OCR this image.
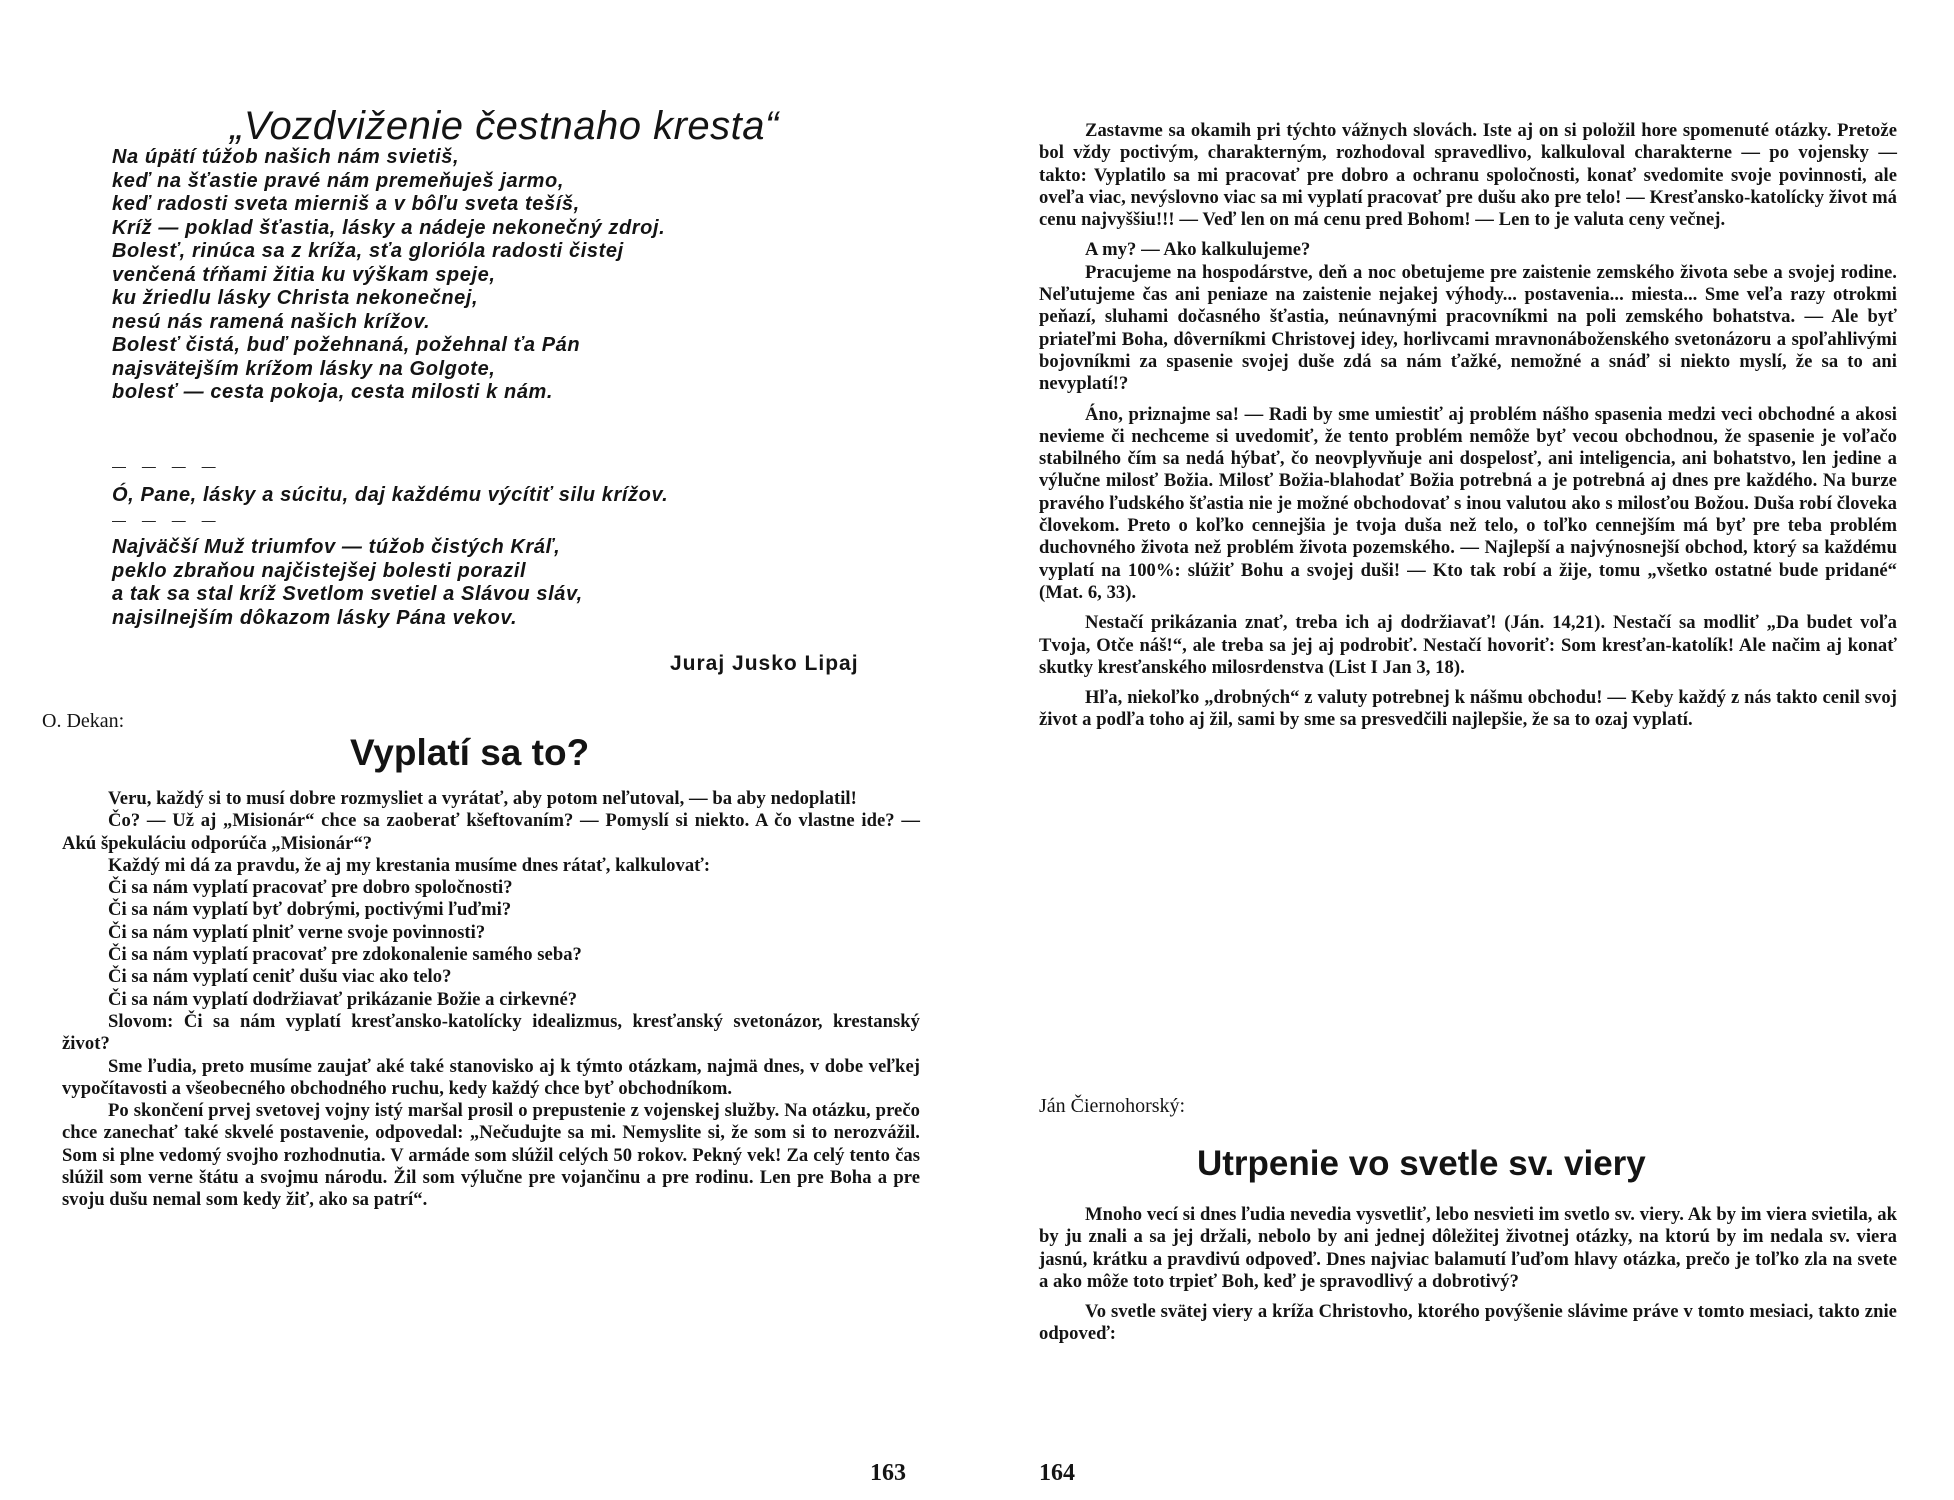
„Vozdviženie čestnaho kresta“
Na úpätí túžob našich nám svietiš,
keď na šťastie pravé nám premeňuješ jarmo,
keď radosti sveta mierniš a v bôľu sveta tešíš,
Kríž — poklad šťastia, lásky a nádeje nekonečný zdroj.
Bolesť, rinúca sa z kríža, sťa glorióla radosti čistej
venčená tŕňami žitia ku výškam speje,
ku žriedlu lásky Christa nekonečnej,
nesú nás ramená našich krížov.
Bolesť čistá, buď požehnaná, požehnal ťa Pán
najsvätejším krížom lásky na Golgote,
bolesť — cesta pokoja, cesta milosti k nám.
— — — —
Ó, Pane, lásky a súcitu, daj každému výcítiť silu krížov.
— — — —
Najväčší Muž triumfov — túžob čistých Kráľ,
peklo zbraňou najčistejšej bolesti porazil
a tak sa stal kríž Svetlom svetiel a Slávou sláv,
najsilnejším dôkazom lásky Pána vekov.
Juraj Jusko Lipaj
O. Dekan:
Vyplatí sa to?

Veru, každý si to musí dobre rozmysliet a vyrátať, aby potom neľutoval, — ba aby nedoplatil!

Čo? — Už aj „Misionár“ chce sa zaoberať kšeftovaním? — Pomyslí si niekto. A čo vlastne ide? — Akú špekuláciu odporúča „Misionár“?

Každý mi dá za pravdu, že aj my krestania musíme dnes rátať, kalkulovať:

Či sa nám vyplatí pracovať pre dobro spoločnosti?

Či sa nám vyplatí byť dobrými, poctivými ľuďmi?

Či sa nám vyplatí plniť verne svoje povinnosti?

Či sa nám vyplatí pracovať pre zdokonalenie samého seba?

Či sa nám vyplatí ceniť dušu viac ako telo?

Či sa nám vyplatí dodržiavať prikázanie Božie a cirkevné?

Slovom: Či sa nám vyplatí kresťansko-katolícky idealizmus, kresťanský svetonázor, krestanský život?

Sme ľudia, preto musíme zaujať aké také stanovisko aj k týmto otázkam, najmä dnes, v dobe veľkej vypočítavosti a všeobecného obchodného ruchu, kedy každý chce byť obchodníkom.

Po skončení prvej svetovej vojny istý maršal prosil o prepustenie z vojenskej služby. Na otázku, prečo chce zanechať také skvelé postavenie, odpovedal: „Nečudujte sa mi. Nemyslite si, že som si to nerozvážil. Som si plne vedomý svojho rozhodnutia. V armáde som slúžil celých 50 rokov. Pekný vek! Za celý tento čas slúžil som verne štátu a svojmu národu. Žil som výlučne pre vojančinu a pre rodinu. Len pre Boha a pre svoju dušu nemal som kedy žiť, ako sa patrí“.

163

Zastavme sa okamih pri týchto vážnych slovách. Iste aj on si položil hore spomenuté otázky. Pretože bol vždy poctivým, charakterným, rozhodoval spravedlivo, kalkuloval charakterne — po vojensky — takto: Vyplatilo sa mi pracovať pre dobro a ochranu spoločnosti, konať svedomite svoje povinnosti, ale oveľa viac, nevýslovno viac sa mi vyplatí pracovať pre dušu ako pre telo! — Kresťansko-katolícky život má cenu najvyššiu!!! — Veď len on má cenu pred Bohom! — Len to je valuta ceny večnej.

A my? — Ako kalkulujeme?

Pracujeme na hospodárstve, deň a noc obetujeme pre zaistenie zemského života sebe a svojej rodine. Neľutujeme čas ani peniaze na zaistenie nejakej výhody... postavenia... miesta... Sme veľa razy otrokmi peňazí, sluhami dočasného šťastia, neúnavnými pracovníkmi na poli zemského bohatstva. — Ale byť priateľmi Boha, dôverníkmi Christovej idey, horlivcami mravnonáboženského svetonázoru a spoľahlivými bojovníkmi za spasenie svojej duše zdá sa nám ťažké, nemožné a snáď si niekto myslí, že sa to ani nevyplatí!?

Áno, priznajme sa! — Radi by sme umiestiť aj problém nášho spasenia medzi veci obchodné a akosi nevieme či nechceme si uvedomiť, že tento problém nemôže byť vecou obchodnou, že spasenie je voľačo stabilného čím sa nedá hýbať, čo neovplyvňuje ani dospelosť, ani inteligencia, ani bohatstvo, len jedine a výlučne milosť Božia. Milosť Božia-blahodať Božia potrebná a je potrebná aj dnes pre každého. Na burze pravého ľudského šťastia nie je možné obchodovať s inou valutou ako s milosťou Božou. Duša robí človeka človekom. Preto o koľko cennejšia je tvoja duša než telo, o toľko cennejším má byť pre teba problém duchovného života než problém života pozemského. — Najlepší a najvýnosnejší obchod, ktorý sa každému vyplatí na 100%: slúžiť Bohu a svojej duši! — Kto tak robí a žije, tomu „všetko ostatné bude pridané“ (Mat. 6, 33).

Nestačí prikázania znať, treba ich aj dodržiavať! (Ján. 14,21). Nestačí sa modliť „Da budet voľa Tvoja, Otče náš!“, ale treba sa jej aj podrobiť. Nestačí hovoriť: Som kresťan-katolík! Ale načim aj konať skutky kresťanského milosrdenstva (List I Jan 3, 18).

Hľa, niekoľko „drobných“ z valuty potrebnej k nášmu obchodu! — Keby každý z nás takto cenil svoj život a podľa toho aj žil, sami by sme sa presvedčili najlepšie, že sa to ozaj vyplatí.

Ján Čiernohorský:
Utrpenie vo svetle sv. viery

Mnoho vecí si dnes ľudia nevedia vysvetliť, lebo nesvieti im svetlo sv. viery. Ak by im viera svietila, ak by ju znali a sa jej držali, nebolo by ani jednej dôležitej životnej otázky, na ktorú by im nedala sv. viera jasnú, krátku a pravdivú odpoveď. Dnes najviac balamutí ľuďom hlavy otázka, prečo je toľko zla na svete a ako môže toto trpieť Boh, keď je spravodlivý a dobrotivý?

Vo svetle svätej viery a kríža Christovho, ktorého povýšenie slávime práve v tomto mesiaci, takto znie odpoveď:

164
